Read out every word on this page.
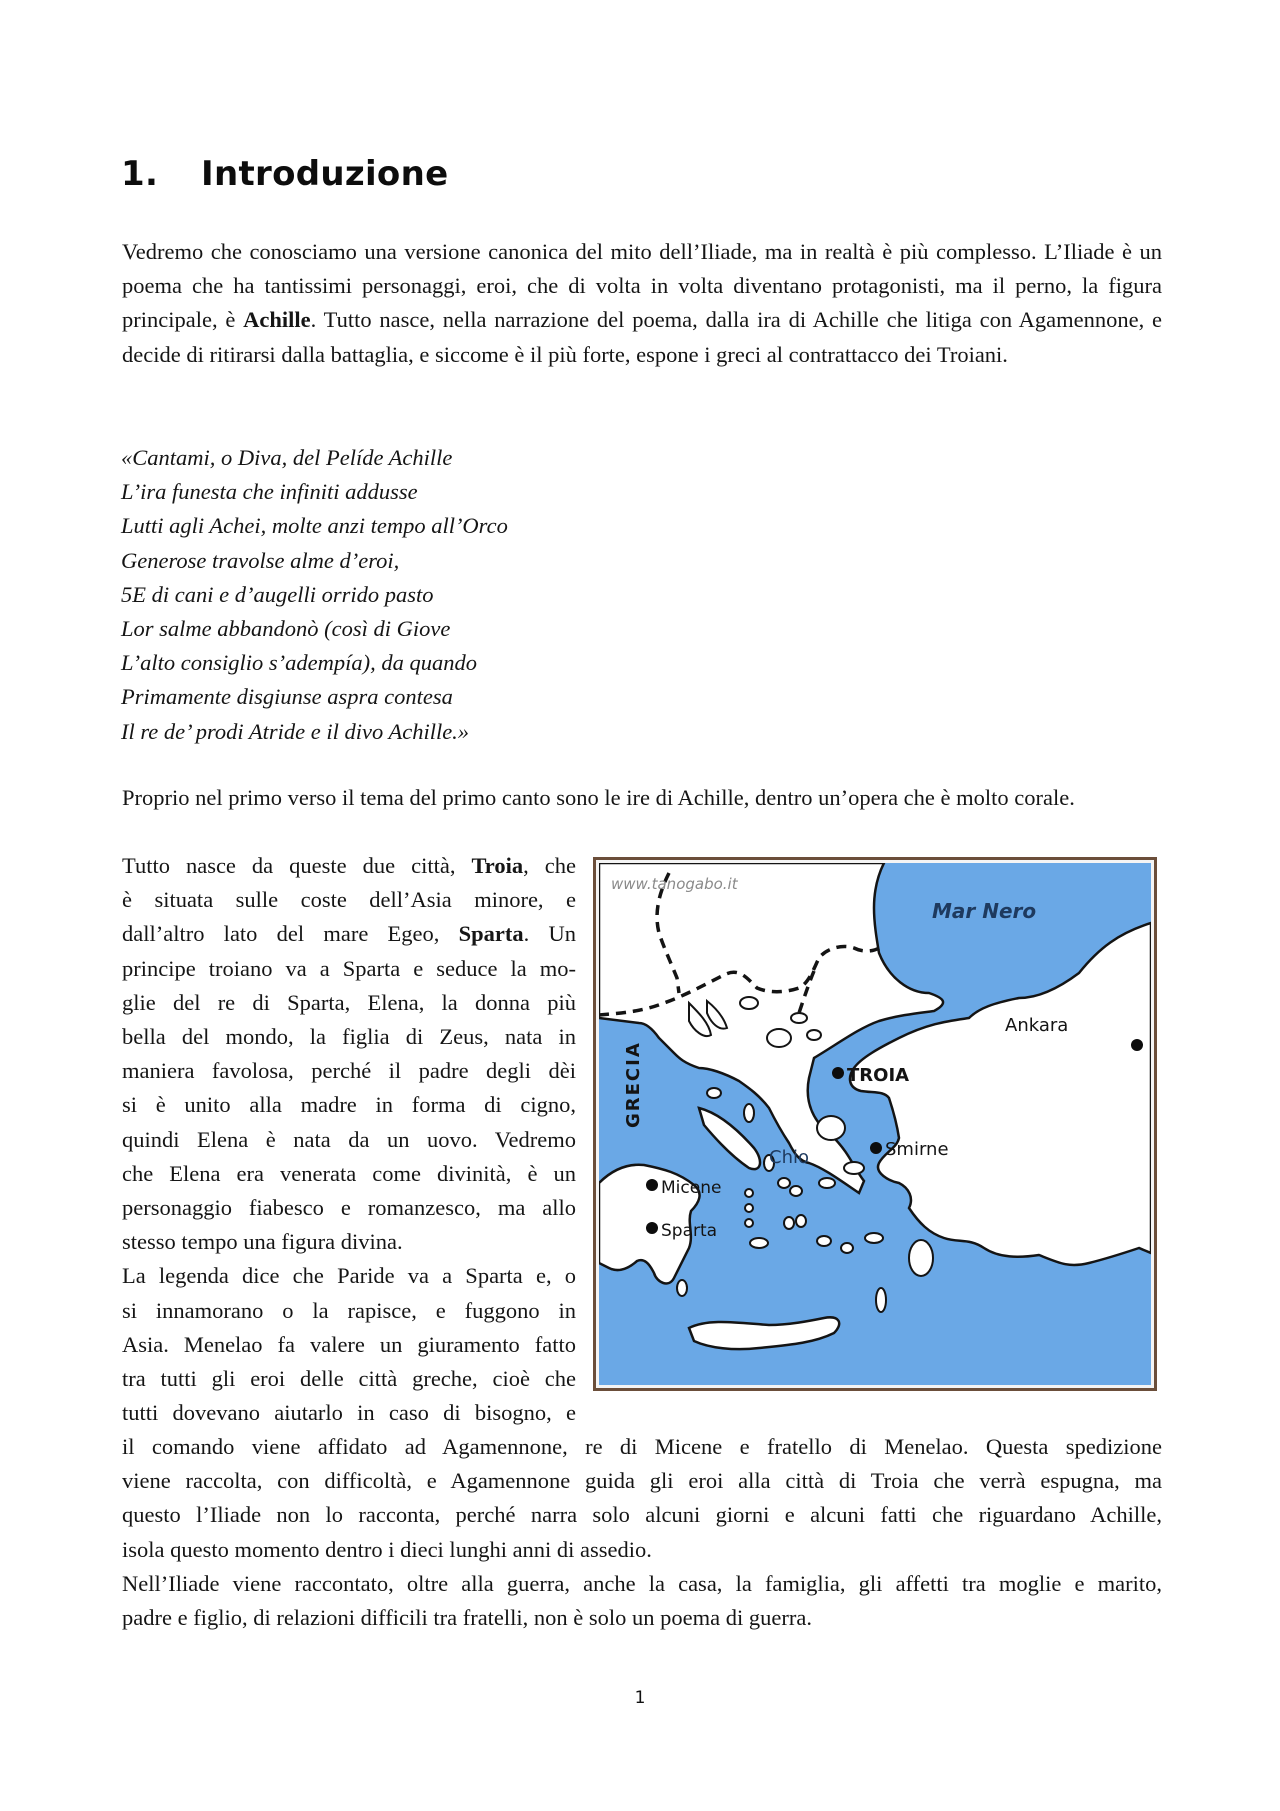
1. Introduzione

Vedremo che conosciamo una versione canonica del mito dell’Iliade, ma in realtà è più complesso. L’Iliade è un poema che ha tantissimi personaggi, eroi, che di volta in volta diventano protagonisti, ma il perno, la figura principale, è Achille. Tutto nasce, nella narrazione del poema, dalla ira di Achille che litiga con Agamennone, e decide di ritirarsi dalla battaglia, e siccome è il più forte, espone i greci al contrattacco dei Troiani.

«Cantami, o Diva, del Pelíde Achille
L’ira funesta che infiniti addusse
Lutti agli Achei, molte anzi tempo all’Orco
Generose travolse alme d’eroi,
5E di cani e d’augelli orrido pasto
Lor salme abbandonò (così di Giove
L’alto consiglio s’adempía), da quando
Primamente disgiunse aspra contesa
Il re de’ prodi Atride e il divo Achille.»

Proprio nel primo verso il tema del primo canto sono le ire di Achille, dentro un’opera che è molto corale.

Tutto nasce da queste due città, Troia, che
è situata sulle coste dell’Asia minore, e
dall’altro lato del mare Egeo, Sparta. Un
principe troiano va a Sparta e seduce la mo-
glie del re di Sparta, Elena, la donna più
bella del mondo, la figlia di Zeus, nata in
maniera favolosa, perché il padre degli dèi
si è unito alla madre in forma di cigno,
quindi Elena è nata da un uovo. Vedremo
che Elena era venerata come divinità, è un
personaggio fiabesco e romanzesco, ma allo
stesso tempo una figura divina.
La legenda dice che Paride va a Sparta e, o
si innamorano o la rapisce, e fuggono in
Asia. Menelao fa valere un giuramento fatto
tra tutti gli eroi delle città greche, cioè che
tutti dovevano aiutarlo in caso di bisogno, e
www.tanogabo.it
Mar Nero
Ankara
TROIA
Smirne
Chio
Micene
Sparta
GRECIA
il comando viene affidato ad Agamennone, re di Micene e fratello di Menelao. Questa spedizione
viene raccolta, con difficoltà, e Agamennone guida gli eroi alla città di Troia che verrà espugna, ma
questo l’Iliade non lo racconta, perché narra solo alcuni giorni e alcuni fatti che riguardano Achille,
isola questo momento dentro i dieci lunghi anni di assedio.
Nell’Iliade viene raccontato, oltre alla guerra, anche la casa, la famiglia, gli affetti tra moglie e marito,
padre e figlio, di relazioni difficili tra fratelli, non è solo un poema di guerra.
1
